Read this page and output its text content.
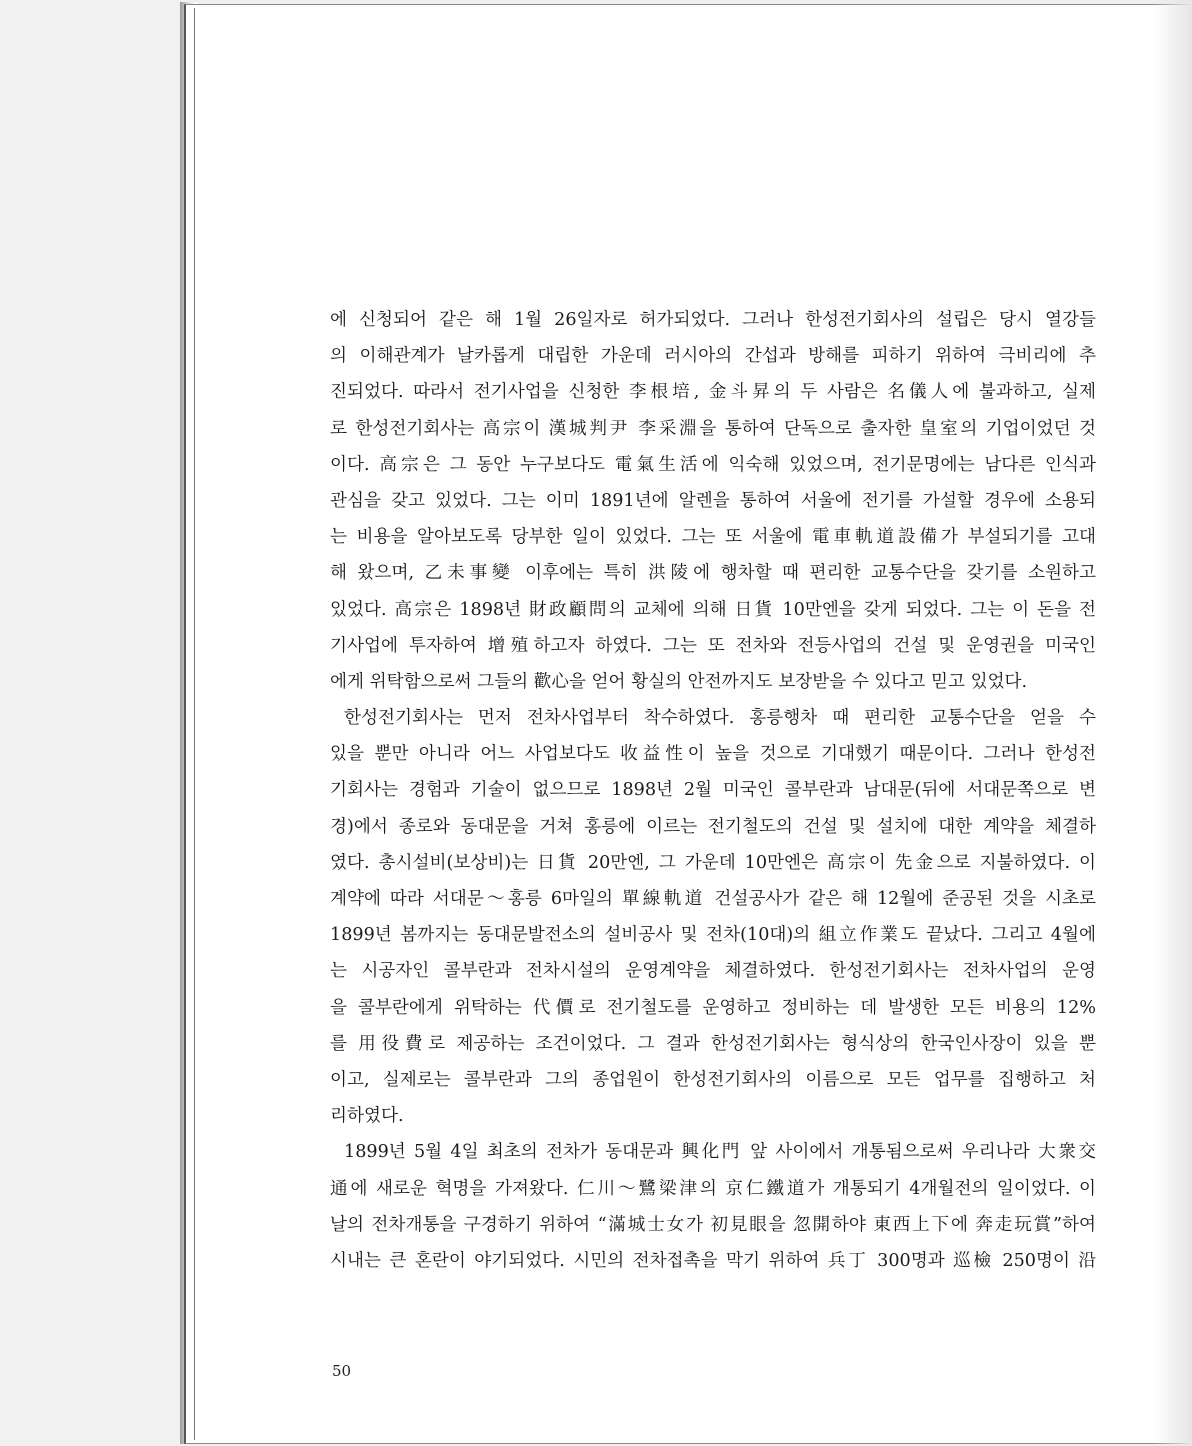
에 신청되어 같은 해 1월 26일자로 허가되었다. 그러나 한성전기회사의 설립은 당시 열강들
의 이해관계가 날카롭게 대립한 가운데 러시아의 간섭과 방해를 피하기 위하여 극비리에 추
진되었다. 따라서 전기사업을 신청한 李根培, 金斗昇의 두 사람은 名儀人에 불과하고, 실제
로 한성전기회사는 高宗이 漢城判尹 李采淵을 통하여 단독으로 출자한 皇室의 기업이었던 것
이다. 高宗은 그 동안 누구보다도 電氣生活에 익숙해 있었으며, 전기문명에는 남다른 인식과
관심을 갖고 있었다. 그는 이미 1891년에 알렌을 통하여 서울에 전기를 가설할 경우에 소용되
는 비용을 알아보도록 당부한 일이 있었다. 그는 또 서울에 電車軌道設備가 부설되기를 고대
해 왔으며, 乙未事變 이후에는 특히 洪陵에 행차할 때 편리한 교통수단을 갖기를 소원하고
있었다. 高宗은 1898년 財政顧問의 교체에 의해 日貨 10만엔을 갖게 되었다. 그는 이 돈을 전
기사업에 투자하여 增殖하고자 하였다. 그는 또 전차와 전등사업의 건설 및 운영권을 미국인
에게 위탁함으로써 그들의 歡心을 얻어 황실의 안전까지도 보장받을 수 있다고 믿고 있었다.
한성전기회사는 먼저 전차사업부터 착수하였다. 홍릉행차 때 편리한 교통수단을 얻을 수
있을 뿐만 아니라 어느 사업보다도 收益性이 높을 것으로 기대했기 때문이다. 그러나 한성전
기회사는 경험과 기술이 없으므로 1898년 2월 미국인 콜부란과 남대문(뒤에 서대문쪽으로 변
경)에서 종로와 동대문을 거쳐 홍릉에 이르는 전기철도의 건설 및 설치에 대한 계약을 체결하
였다. 총시설비(보상비)는 日貨 20만엔, 그 가운데 10만엔은 高宗이 先金으로 지불하였다. 이
계약에 따라 서대문～홍릉 6마일의 單線軌道 건설공사가 같은 해 12월에 준공된 것을 시초로
1899년 봄까지는 동대문발전소의 설비공사 및 전차(10대)의 組立作業도 끝났다. 그리고 4월에
는 시공자인 콜부란과 전차시설의 운영계약을 체결하였다. 한성전기회사는 전차사업의 운영
을 콜부란에게 위탁하는 代價로 전기철도를 운영하고 정비하는 데 발생한 모든 비용의 12%
를 用役費로 제공하는 조건이었다. 그 결과 한성전기회사는 형식상의 한국인사장이 있을 뿐
이고, 실제로는 콜부란과 그의 종업원이 한성전기회사의 이름으로 모든 업무를 집행하고 처
리하였다.
1899년 5월 4일 최초의 전차가 동대문과 興化門 앞 사이에서 개통됨으로써 우리나라 大衆交
通에 새로운 혁명을 가져왔다. 仁川～鷺梁津의 京仁鐵道가 개통되기 4개월전의 일이었다. 이
날의 전차개통을 구경하기 위하여 “滿城士女가 初見眼을 忽開하야 東西上下에 奔走玩賞”하여
시내는 큰 혼란이 야기되었다. 시민의 전차접촉을 막기 위하여 兵丁 300명과 巡檢 250명이 沿
50
